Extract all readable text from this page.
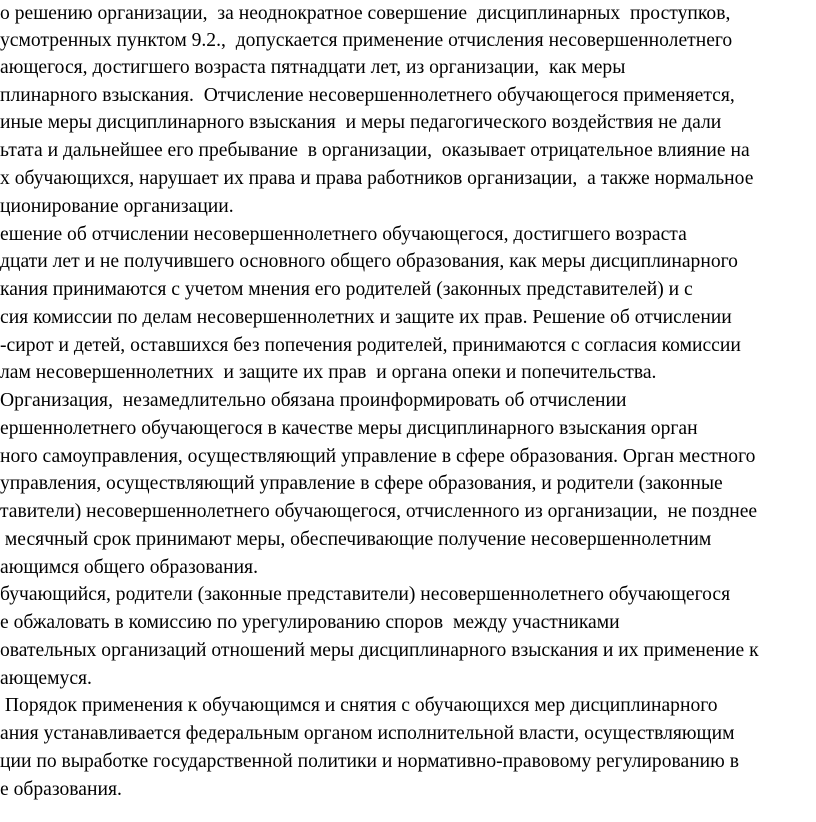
о решению организации,  за неоднократное совершение  дисциплинарных  проступков,

усмотренных пунктом 9.2.,  допускается применение отчисления несовершеннолетнего

ающегося, достигшего возраста пятнадцати лет, из организации,  как меры

плинарного взыскания.  Отчисление несовершеннолетнего обучающегося применяется,

иные меры дисциплинарного взыскания  и меры педагогического воздействия не дали

ьтата и дальнейшее его пребывание  в организации,  оказывает отрицательное влияние на

х обучающихся, нарушает их права и права работников организации,  а также нормальное

ционирование организации.

ешение об отчислении несовершеннолетнего обучающегося, достигшего возраста

дцати лет и не получившего основного общего образования, как меры дисциплинарного

кания принимаются с учетом мнения его родителей (законных представителей) и с

сия комиссии по делам несовершеннолетних и защите их прав. Решение об отчислении

-сирот и детей, оставшихся без попечения родителей, принимаются с согласия комиссии

лам несовершеннолетних  и защите их прав  и органа опеки и попечительства.

Организация,  незамедлительно обязана проинформировать об отчислении

ершеннолетнего обучающегося в качестве меры дисциплинарного взыскания орган

ного самоуправления, осуществляющий управление в сфере образования. Орган местного

управления, осуществляющий управление в сфере образования, и родители (законные

тавители) несовершеннолетнего обучающегося, отчисленного из организации,  не позднее

месячный срок принимают меры, обеспечивающие получение несовершеннолетним

ающимся общего образования.

бучающийся, родители (законные представители) несовершеннолетнего обучающегося

е обжаловать в комиссию по урегулированию споров  между участниками

овательных организаций отношений меры дисциплинарного взыскания и их применение к

ающемуся.

Порядок применения к обучающимся и снятия с обучающихся мер дисциплинарного

ания устанавливается федеральным органом исполнительной власти, осуществляющим

ции по выработке государственной политики и нормативно-правовому регулированию в

е образования.
